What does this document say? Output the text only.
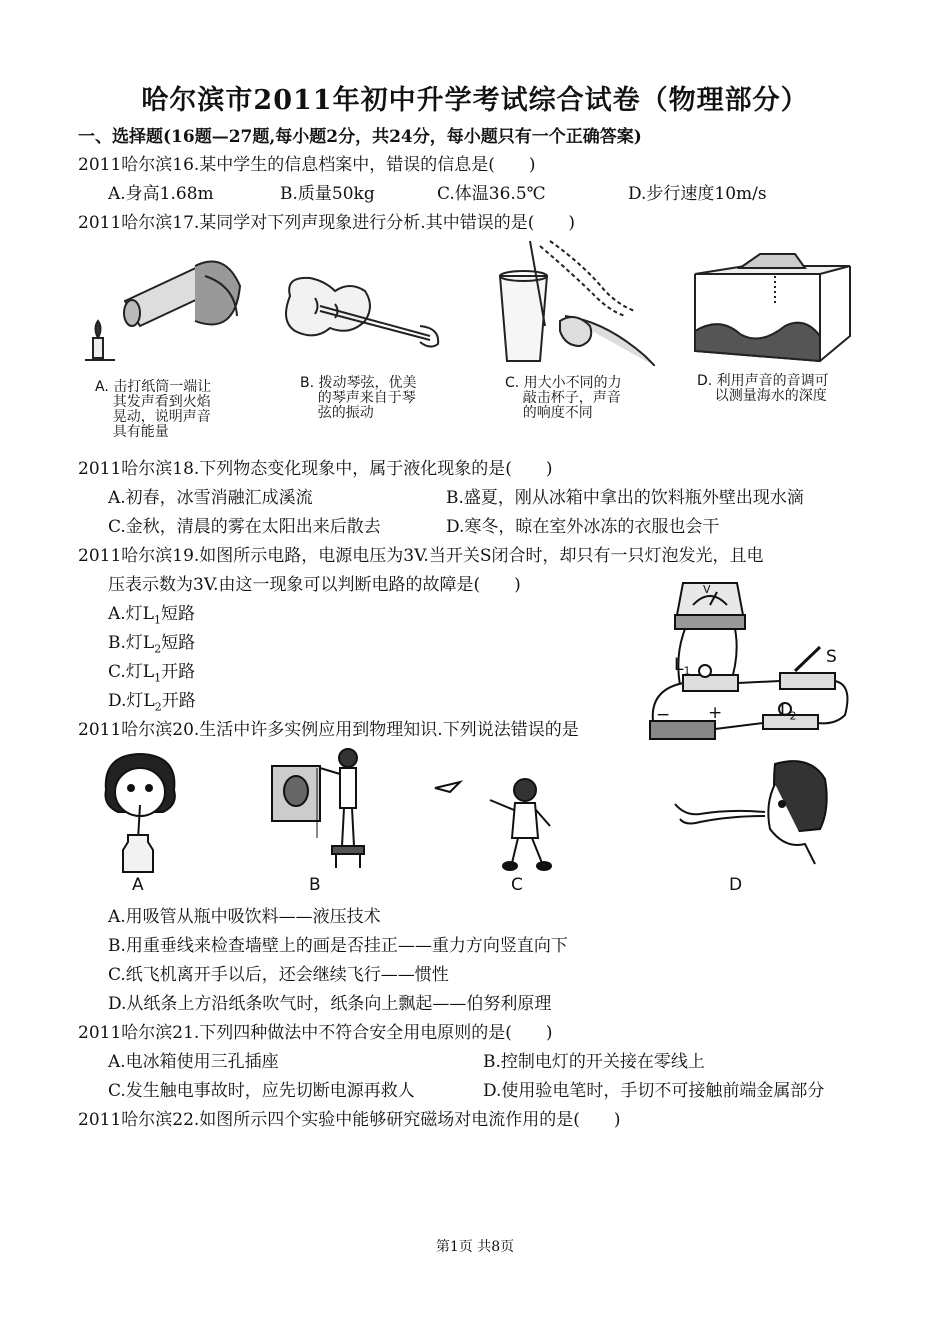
哈尔滨市2011年初中升学考试综合试卷（物理部分）
一、选择题(16题—27题,每小题2分，共24分，每小题只有一个正确答案)
2011哈尔滨16.某中学生的信息档案中，错误的信息是(　　)
A.身高1.68m	B.质量50kg	C.体温36.5℃	D.步行速度10m/s
2011哈尔滨17.某同学对下列声现象进行分析.其中错误的是(　　)
A. 击打纸筒一端让
其发声看到火焰
晃动，说明声音
具有能量
B. 拨动琴弦，优美
的琴声来自于琴
弦的振动
C. 用大小不同的力
敲击杯子，声音
的响度不同
D. 利用声音的音调可
以测量海水的深度
2011哈尔滨18.下列物态变化现象中，属于液化现象的是(　　)
A.初春，冰雪消融汇成溪流	B.盛夏，刚从冰箱中拿出的饮料瓶外壁出现水滴
C.金秋，清晨的雾在太阳出来后散去	D.寒冬，晾在室外冰冻的衣服也会干
2011哈尔滨19.如图所示电路，电源电压为3V.当开关S闭合时，却只有一只灯泡发光，且电
压表示数为3V.由这一现象可以判断电路的故障是(　　)
A.灯$L_1$短路
B.灯$L_2$短路
C.灯$L_1$开路
D.灯$L_2$开路
V
$L_1$
S
$L_2$
− +
2011哈尔滨20.生活中许多实例应用到物理知识.下列说法错误的是
A	B	C	D
A.用吸管从瓶中吸饮料——液压技术
B.用重垂线来检查墙壁上的画是否挂正——重力方向竖直向下
C.纸飞机离开手以后，还会继续飞行——惯性
D.从纸条上方沿纸条吹气时，纸条向上飘起——伯努利原理
2011哈尔滨21.下列四种做法中不符合安全用电原则的是(　　)
A.电冰箱使用三孔插座	B.控制电灯的开关接在零线上
C.发生触电事故时，应先切断电源再救人	D.使用验电笔时，手切不可接触前端金属部分
2011哈尔滨22.如图所示四个实验中能够研究磁场对电流作用的是(　　)
第1页 共8页
